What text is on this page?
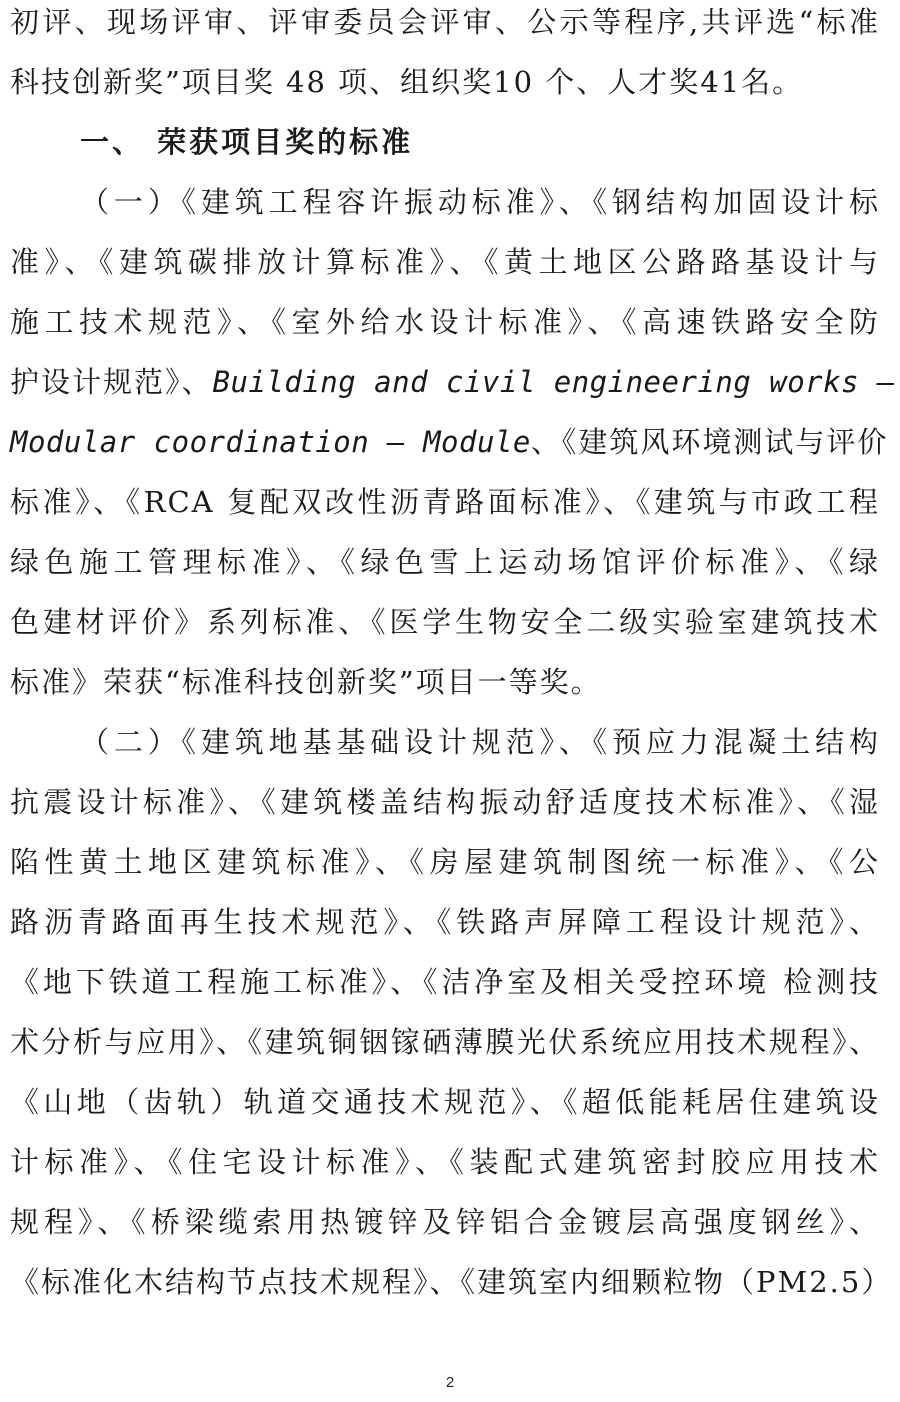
初评、现场评审、评审委员会评审、公示等程序,共评选“标准
科技创新奖”项目奖 48 项、组织奖10 个、人才奖41名。
一、 荣获项目奖的标准
（一）《建筑工程容许振动标准》、《钢结构加固设计标
准》、《建筑碳排放计算标准》、《黄土地区公路路基设计与
施工技术规范》、《室外给水设计标准》、《高速铁路安全防
护设计规范》、Building and civil engineering works —
Modular coordination — Module、《建筑风环境测试与评价
标准》、《RCA 复配双改性沥青路面标准》、《建筑与市政工程
绿色施工管理标准》、《绿色雪上运动场馆评价标准》、《绿
色建材评价》系列标准、《医学生物安全二级实验室建筑技术
标准》荣获“标准科技创新奖”项目一等奖。
（二）《建筑地基基础设计规范》、《预应力混凝土结构
抗震设计标准》、《建筑楼盖结构振动舒适度技术标准》、《湿
陷性黄土地区建筑标准》、《房屋建筑制图统一标准》、《公
路沥青路面再生技术规范》、《铁路声屏障工程设计规范》、
《地下铁道工程施工标准》、《洁净室及相关受控环境 检测技
术分析与应用》、《建筑铜铟镓硒薄膜光伏系统应用技术规程》、
《山地（齿轨）轨道交通技术规范》、《超低能耗居住建筑设
计标准》、《住宅设计标准》、《装配式建筑密封胶应用技术
规程》、《桥梁缆索用热镀锌及锌铝合金镀层高强度钢丝》、
《标准化木结构节点技术规程》、《建筑室内细颗粒物（PM2.5）
2
